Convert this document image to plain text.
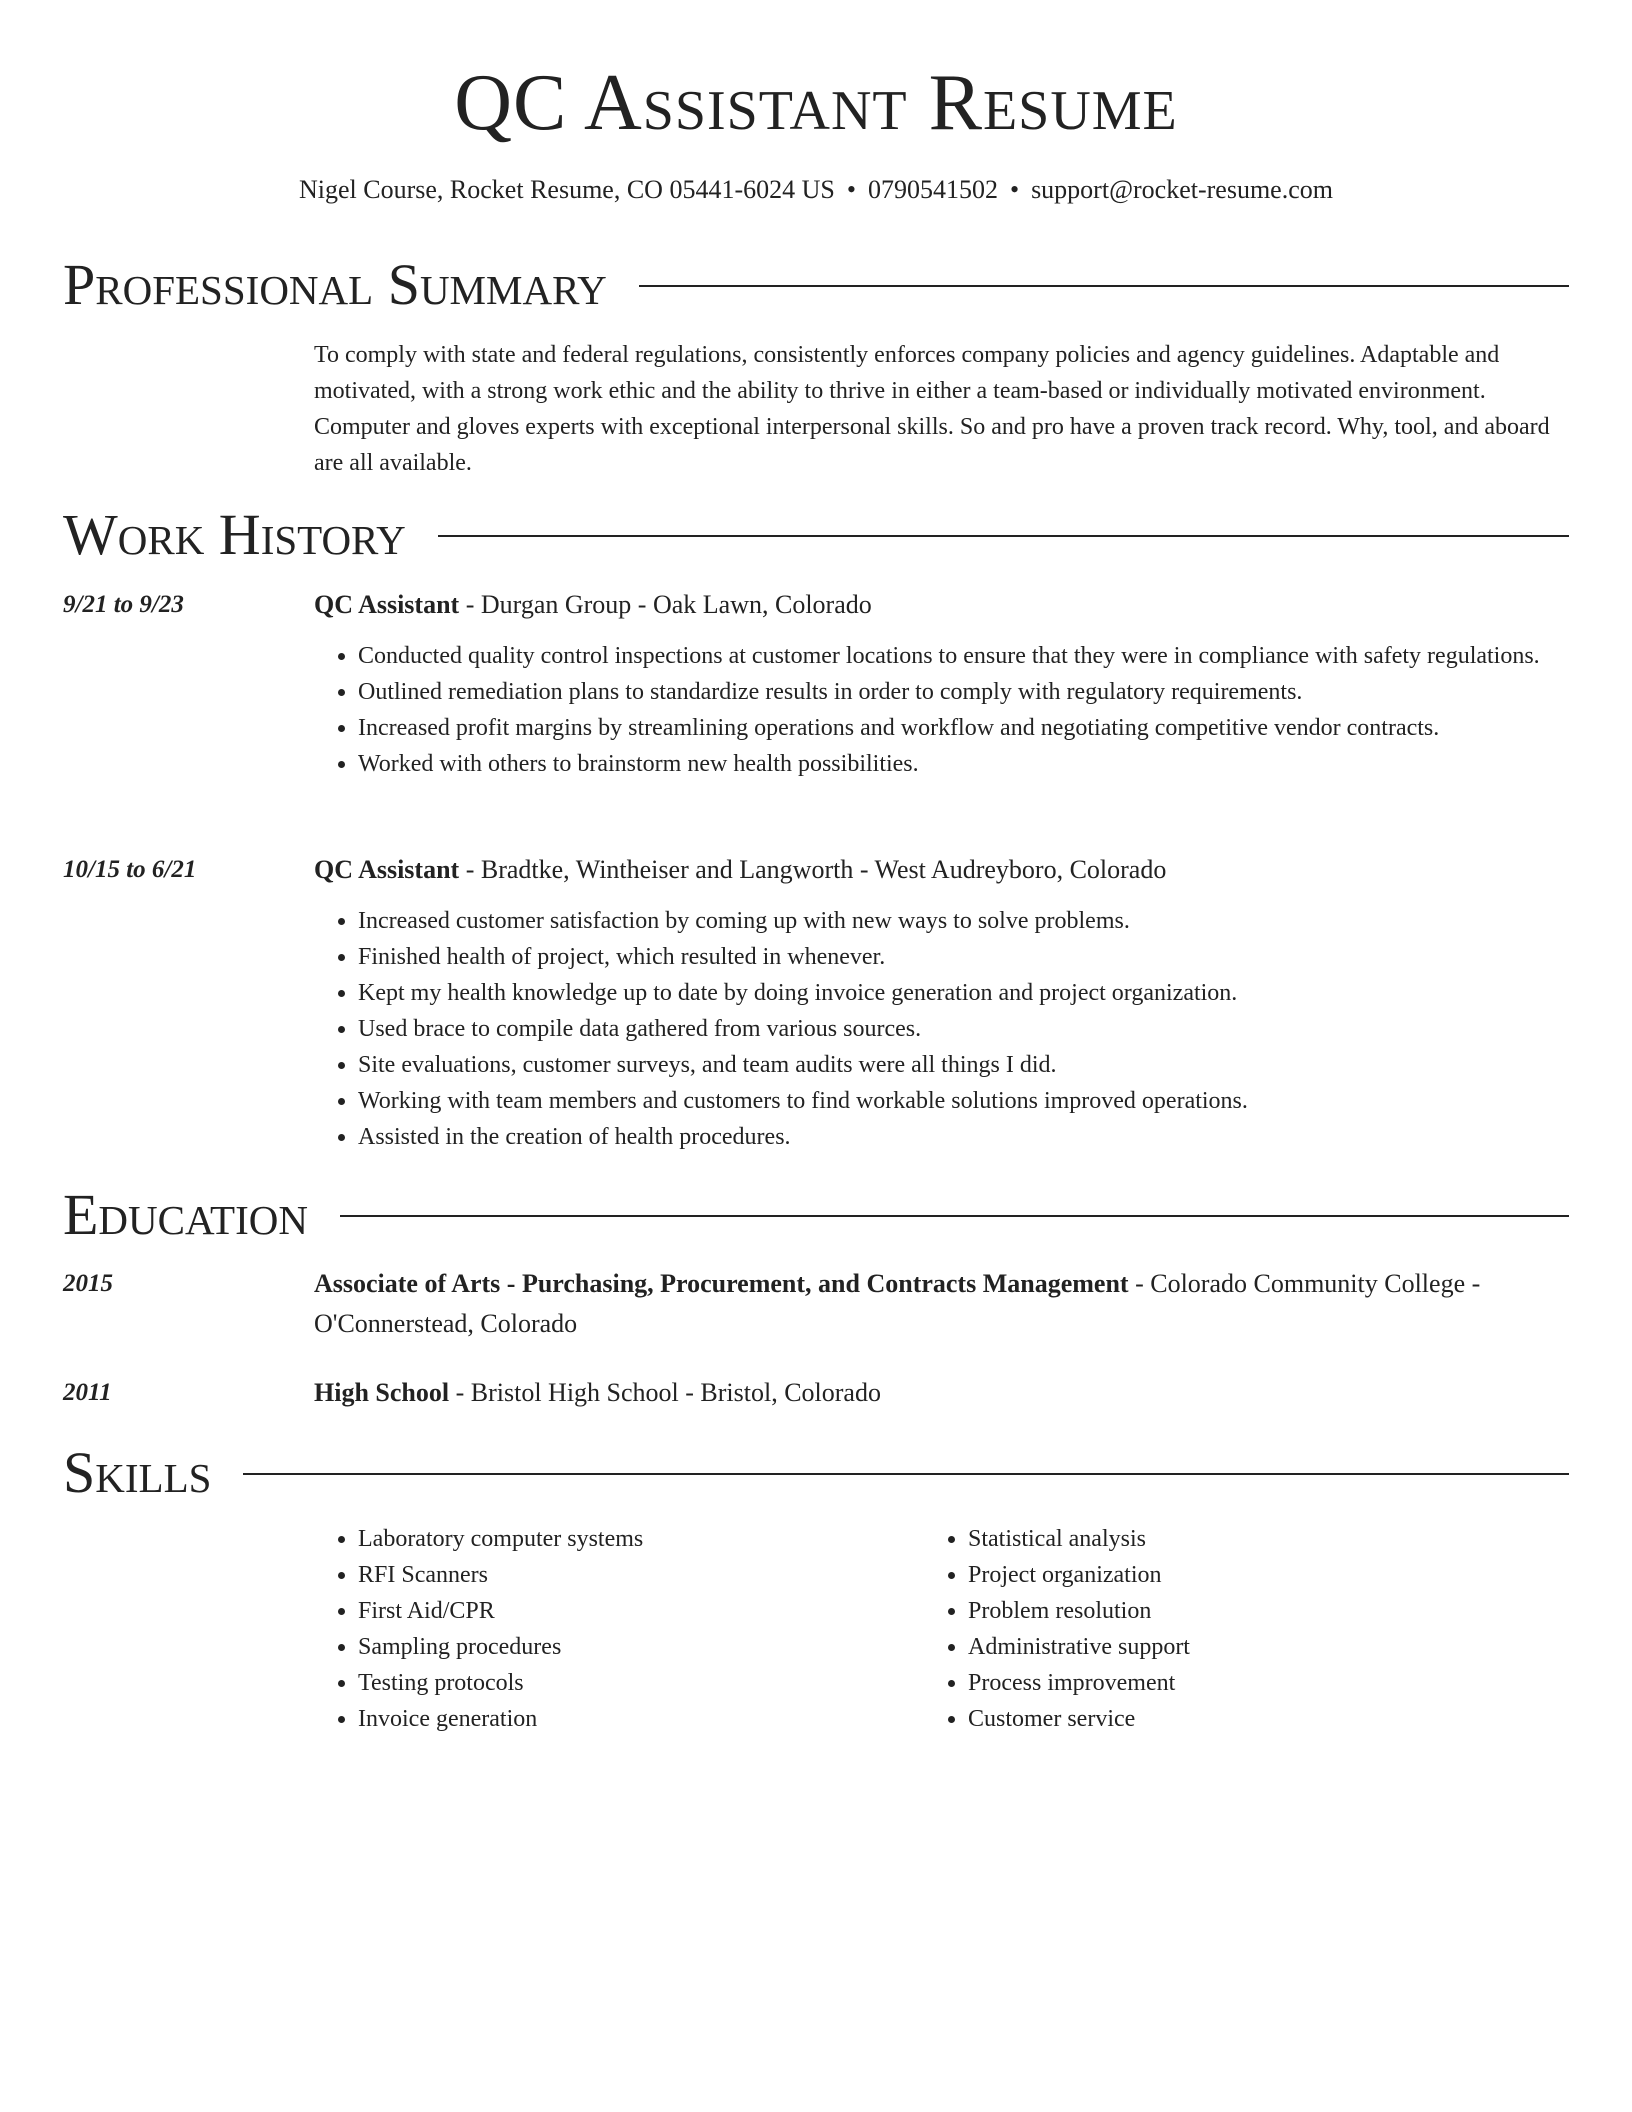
QC Assistant Resume
Nigel Course, Rocket Resume, CO 05441-6024 US • 0790541502 • support@rocket-resume.com
Professional Summary

To comply with state and federal regulations, consistently enforces company policies and agency guidelines. Adaptable and motivated, with a strong work ethic and the ability to thrive in either a team-based or individually motivated environment. Computer and gloves experts with exceptional interpersonal skills. So and pro have a proven track record. Why, tool, and aboard are all available.

Work History
9/21 to 9/23	QC Assistant - Durgan Group - Oak Lawn, Colorado
• Conducted quality control inspections at customer locations to ensure that they were in compliance with safety regulations.
• Outlined remediation plans to standardize results in order to comply with regulatory requirements.
• Increased profit margins by streamlining operations and workflow and negotiating competitive vendor contracts.
• Worked with others to brainstorm new health possibilities.
10/15 to 6/21	QC Assistant - Bradtke, Wintheiser and Langworth - West Audreyboro, Colorado
• Increased customer satisfaction by coming up with new ways to solve problems.
• Finished health of project, which resulted in whenever.
• Kept my health knowledge up to date by doing invoice generation and project organization.
• Used brace to compile data gathered from various sources.
• Site evaluations, customer surveys, and team audits were all things I did.
• Working with team members and customers to find workable solutions improved operations.
• Assisted in the creation of health procedures.
Education
2015	Associate of Arts - Purchasing, Procurement, and Contracts Management - Colorado Community College - O'Connerstead, Colorado
2011	High School - Bristol High School - Bristol, Colorado
Skills
• Laboratory computer systems
• RFI Scanners
• First Aid/CPR
• Sampling procedures
• Testing protocols
• Invoice generation
• Statistical analysis
• Project organization
• Problem resolution
• Administrative support
• Process improvement
• Customer service
